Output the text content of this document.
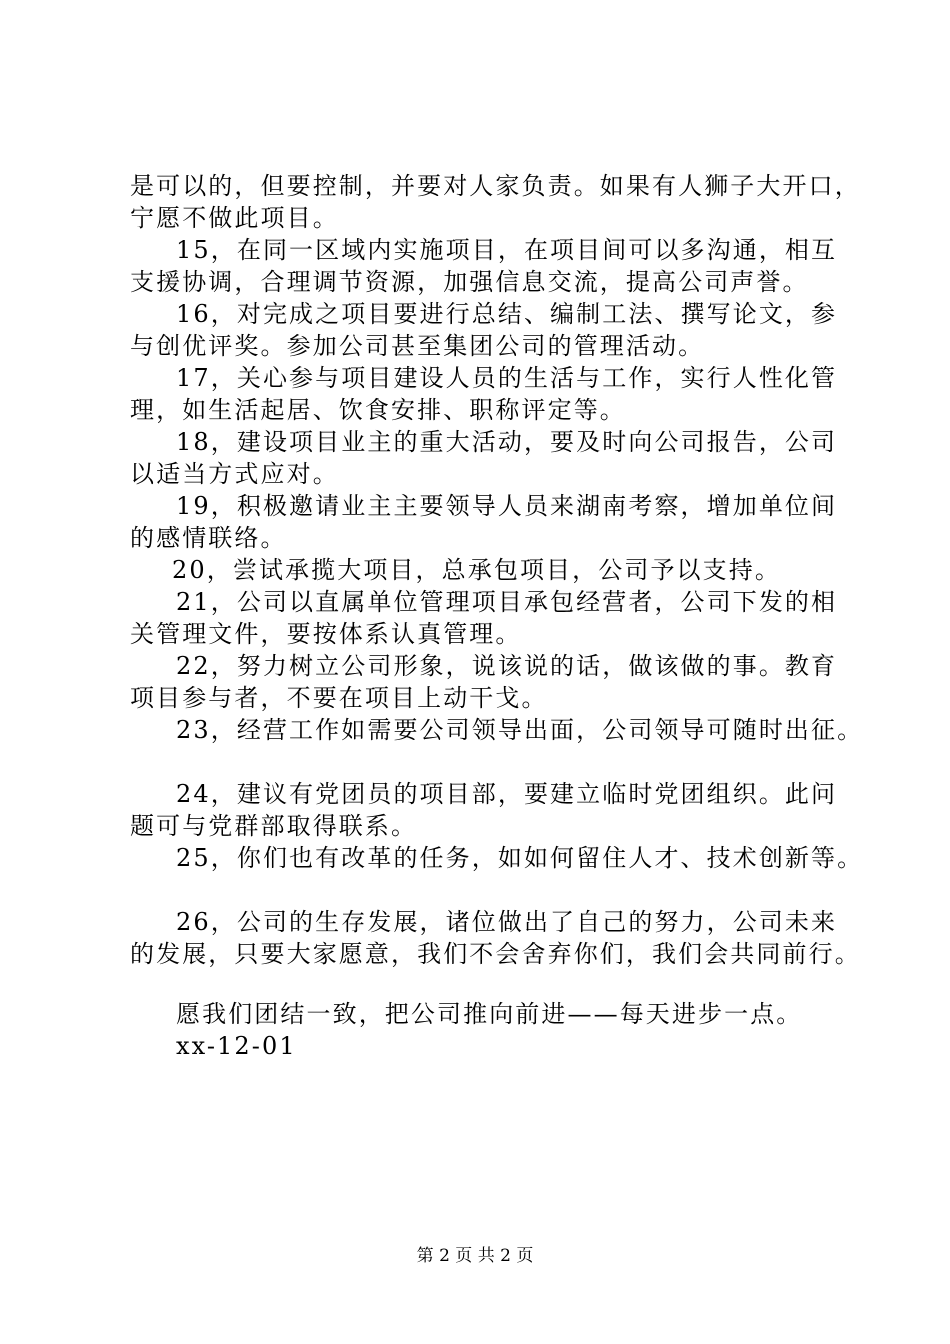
是可以的，但要控制，并要对人家负责。如果有人狮子大开口，
宁愿不做此项目。
15，在同一区域内实施项目，在项目间可以多沟通，相互
支援协调，合理调节资源，加强信息交流，提高公司声誉。
16，对完成之项目要进行总结、编制工法、撰写论文，参
与创优评奖。参加公司甚至集团公司的管理活动。
17，关心参与项目建设人员的生活与工作，实行人性化管
理，如生活起居、饮食安排、职称评定等。
18，建设项目业主的重大活动，要及时向公司报告，公司
以适当方式应对。
19，积极邀请业主主要领导人员来湖南考察，增加单位间
的感情联络。
20，尝试承揽大项目，总承包项目，公司予以支持。
21，公司以直属单位管理项目承包经营者，公司下发的相
关管理文件，要按体系认真管理。
22，努力树立公司形象，说该说的话，做该做的事。教育
项目参与者，不要在项目上动干戈。
23，经营工作如需要公司领导出面，公司领导可随时出征。
24，建议有党团员的项目部，要建立临时党团组织。此问
题可与党群部取得联系。
25，你们也有改革的任务，如如何留住人才、技术创新等。
26，公司的生存发展，诸位做出了自己的努力，公司未来
的发展，只要大家愿意，我们不会舍弃你们，我们会共同前行。
愿我们团结一致，把公司推向前进——每天进步一点。
xx-12-01
第 2 页 共 2 页
